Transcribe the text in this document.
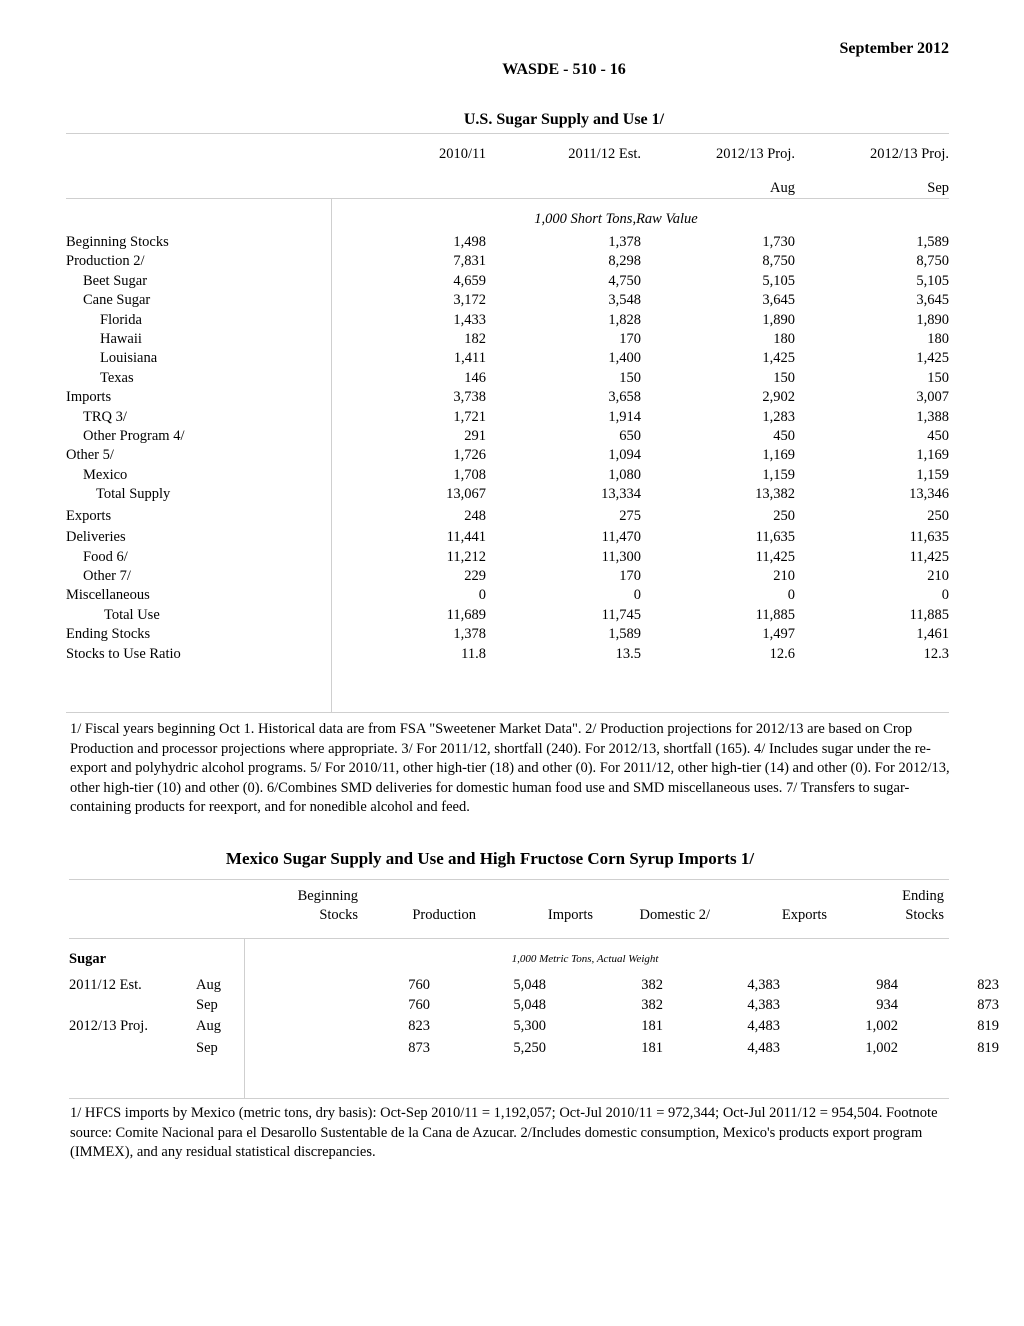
September 2012
WASDE - 510 - 16
U.S. Sugar Supply and Use 1/
2010/11	2011/12 Est.	2012/13 Proj.	2012/13 Proj.
Aug	Sep
1,000 Short Tons,Raw Value
Beginning Stocks	1,498	1,378	1,730	1,589
Production 2/	7,831	8,298	8,750	8,750
Beet Sugar	4,659	4,750	5,105	5,105
Cane Sugar	3,172	3,548	3,645	3,645
Florida	1,433	1,828	1,890	1,890
Hawaii	182	170	180	180
Louisiana	1,411	1,400	1,425	1,425
Texas	146	150	150	150
Imports	3,738	3,658	2,902	3,007
TRQ 3/	1,721	1,914	1,283	1,388
Other Program 4/	291	650	450	450
Other 5/	1,726	1,094	1,169	1,169
Mexico	1,708	1,080	1,159	1,159
Total Supply	13,067	13,334	13,382	13,346
Exports	248	275	250	250
Deliveries	11,441	11,470	11,635	11,635
Food 6/	11,212	11,300	11,425	11,425
Other 7/	229	170	210	210
Miscellaneous	0	0	0	0
Total Use	11,689	11,745	11,885	11,885
Ending Stocks	1,378	1,589	1,497	1,461
Stocks to Use Ratio	11.8	13.5	12.6	12.3
1/ Fiscal years beginning Oct 1. Historical data are from FSA "Sweetener Market Data". 2/ Production projections for 2012/13 are based on Crop Production and processor projections where appropriate. 3/ For 2011/12, shortfall (240). For 2012/13, shortfall (165). 4/ Includes sugar under the re-export and polyhydric alcohol programs. 5/ For 2010/11, other high-tier (18) and other (0). For 2011/12, other high-tier (14) and other (0). For 2012/13, other high-tier (10) and other (0). 6/Combines SMD deliveries for domestic human food use and SMD miscellaneous uses. 7/ Transfers to sugar-containing products for reexport, and for nonedible alcohol and feed.
Mexico Sugar Supply and Use and High Fructose Corn Syrup Imports 1/
Beginning
Stocks	Production	Imports	Domestic 2/	Exports
Ending
Stocks
Sugar	1,000 Metric Tons, Actual Weight
2011/12 Est.	Aug	760	5,048	382	4,383	984	823
	Sep	760	5,048	382	4,383	934	873
2012/13 Proj.	Aug	823	5,300	181	4,483	1,002	819
	Sep	873	5,250	181	4,483	1,002	819
1/ HFCS imports by Mexico (metric tons, dry basis): Oct-Sep 2010/11 = 1,192,057; Oct-Jul 2010/11 = 972,344; Oct-Jul 2011/12 = 954,504. Footnote source: Comite Nacional para el Desarollo Sustentable de la Cana de Azucar. 2/Includes domestic consumption, Mexico's products export program (IMMEX), and any residual statistical discrepancies.
